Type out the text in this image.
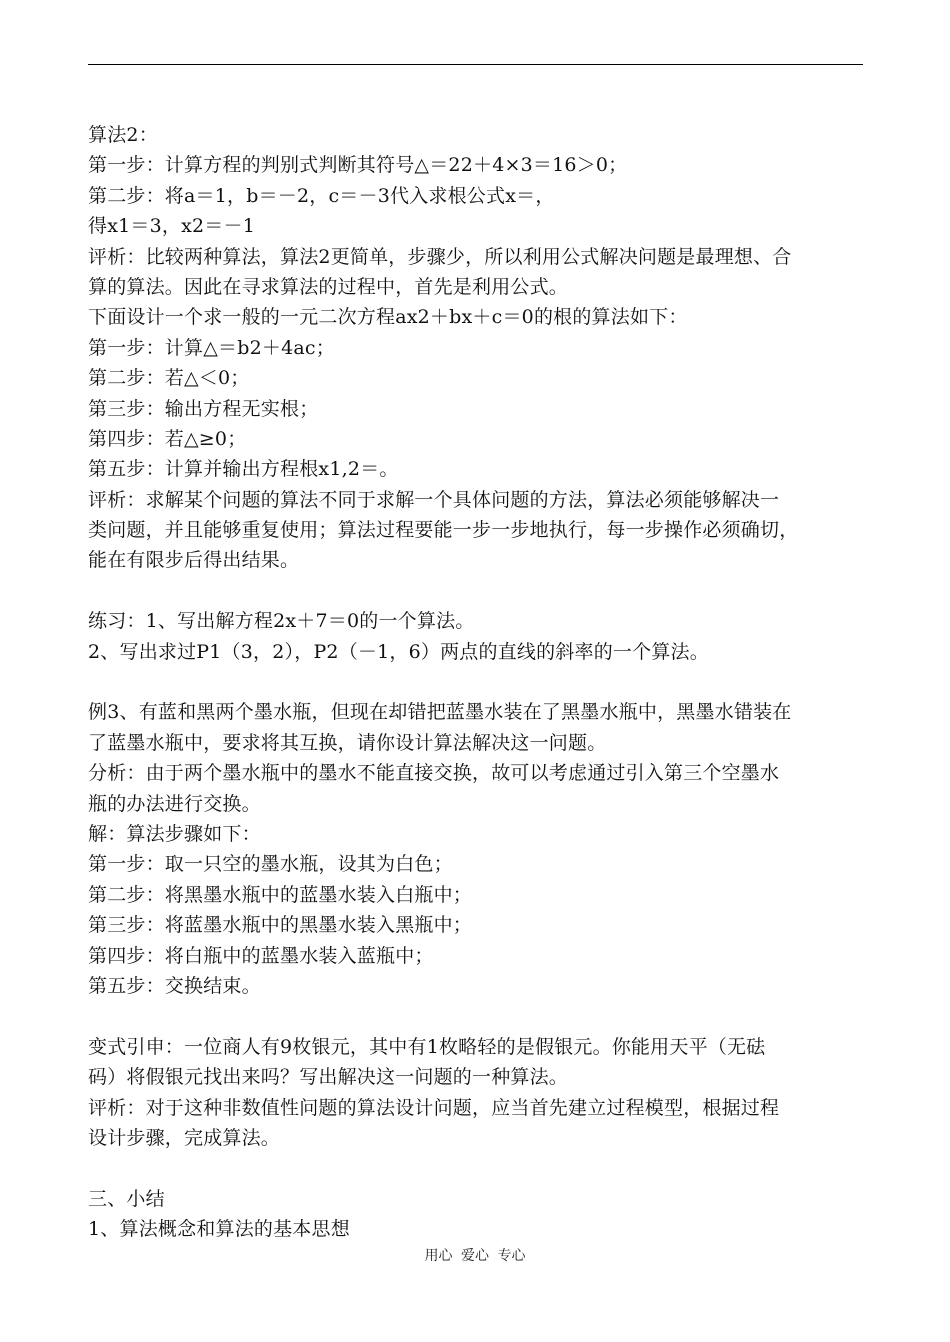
算法2：
第一步：计算方程的判别式判断其符号△＝22＋4×3＝16＞0；
第二步：将a＝1，b＝－2，c＝－3代入求根公式x＝，
得x1＝3，x2＝－1
评析：比较两种算法，算法2更简单，步骤少，所以利用公式解决问题是最理想、合
算的算法。因此在寻求算法的过程中，首先是利用公式。
下面设计一个求一般的一元二次方程ax2＋bx＋c＝0的根的算法如下：
第一步：计算△＝b2＋4ac；
第二步：若△＜0；
第三步：输出方程无实根；
第四步：若△≥0；
第五步：计算并输出方程根x1,2＝。
评析：求解某个问题的算法不同于求解一个具体问题的方法，算法必须能够解决一
类问题，并且能够重复使用；算法过程要能一步一步地执行，每一步操作必须确切，
能在有限步后得出结果。
练习：1、写出解方程2x＋7＝0的一个算法。
2、写出求过P1（3，2），P2（－1，6）两点的直线的斜率的一个算法。
例3、有蓝和黑两个墨水瓶，但现在却错把蓝墨水装在了黑墨水瓶中，黑墨水错装在
了蓝墨水瓶中，要求将其互换，请你设计算法解决这一问题。
分析：由于两个墨水瓶中的墨水不能直接交换，故可以考虑通过引入第三个空墨水
瓶的办法进行交换。
解：算法步骤如下：
第一步：取一只空的墨水瓶，设其为白色；
第二步：将黑墨水瓶中的蓝墨水装入白瓶中；
第三步：将蓝墨水瓶中的黑墨水装入黑瓶中；
第四步：将白瓶中的蓝墨水装入蓝瓶中；
第五步：交换结束。
变式引申：一位商人有9枚银元，其中有1枚略轻的是假银元。你能用天平（无砝
码）将假银元找出来吗？写出解决这一问题的一种算法。
评析：对于这种非数值性问题的算法设计问题，应当首先建立过程模型，根据过程
设计步骤，完成算法。
三、小结
1、算法概念和算法的基本思想
用心 爱心 专心
